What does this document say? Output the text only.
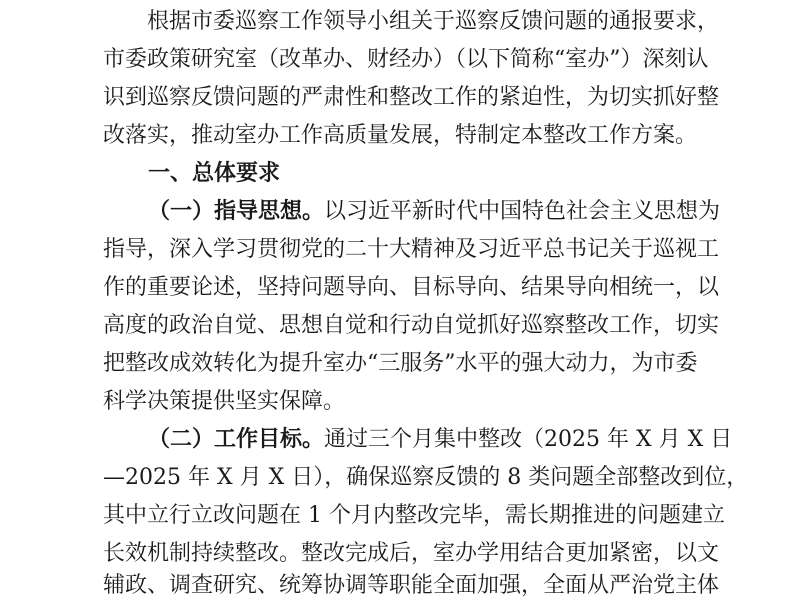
根据市委巡察工作领导小组关于巡察反馈问题的通报要求，
市委政策研究室（改革办、财经办）（以下简称“室办”）深刻认
识到巡察反馈问题的严肃性和整改工作的紧迫性，为切实抓好整
改落实，推动室办工作高质量发展，特制定本整改工作方案。
一、总体要求
（一）指导思想。以习近平新时代中国特色社会主义思想为
指导，深入学习贯彻党的二十大精神及习近平总书记关于巡视工
作的重要论述，坚持问题导向、目标导向、结果导向相统一，以
高度的政治自觉、思想自觉和行动自觉抓好巡察整改工作，切实
把整改成效转化为提升室办“三服务”水平的强大动力，为市委
科学决策提供坚实保障。
（二）工作目标。通过三个月集中整改（2025 年 X 月 X 日
—2025 年 X 月 X 日），确保巡察反馈的 8 类问题全部整改到位，
其中立行立改问题在 1 个月内整改完毕，需长期推进的问题建立
长效机制持续整改。整改完成后，室办学用结合更加紧密，以文
辅政、调查研究、统筹协调等职能全面加强，全面从严治党主体
